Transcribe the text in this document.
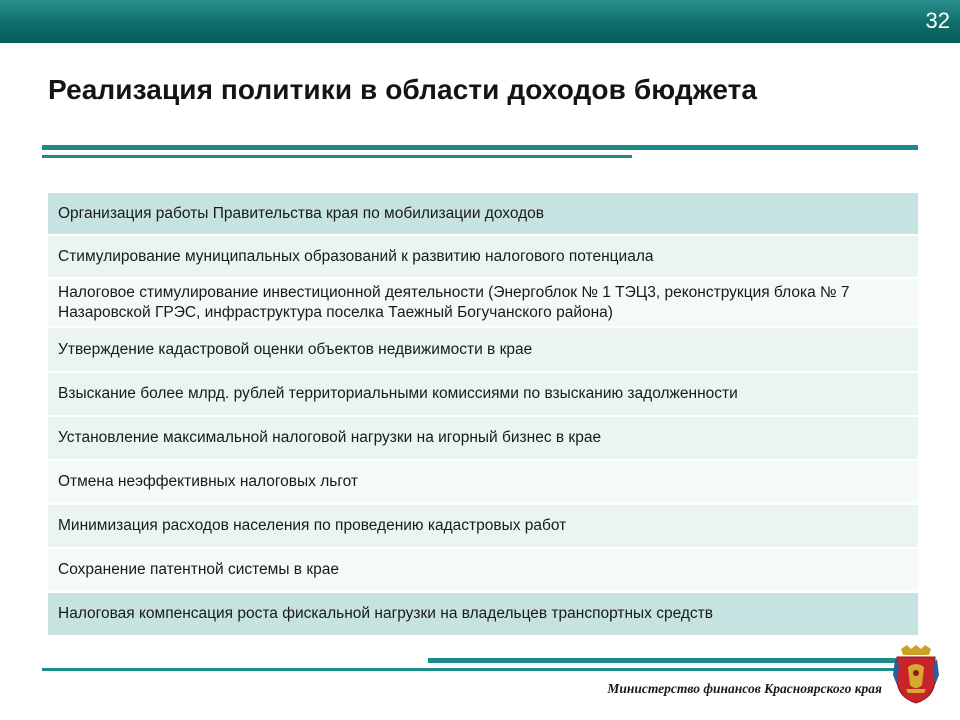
32
Реализация политики в области доходов бюджета
Организация работы Правительства края по мобилизации доходов
Стимулирование муниципальных образований к развитию налогового потенциала
Налоговое стимулирование инвестиционной деятельности (Энергоблок № 1 ТЭЦ3, реконструкция блока № 7 Назаровской ГРЭС, инфраструктура поселка Таежный Богучанского района)
Утверждение кадастровой оценки объектов недвижимости в крае
Взыскание более млрд. рублей территориальными комиссиями по взысканию задолженности
Установление максимальной налоговой нагрузки на игорный бизнес в крае
Отмена неэффективных налоговых льгот
Минимизация расходов населения по проведению кадастровых работ
Сохранение патентной системы в крае
Налоговая компенсация роста фискальной нагрузки на владельцев транспортных средств
Министерство финансов Красноярского края
